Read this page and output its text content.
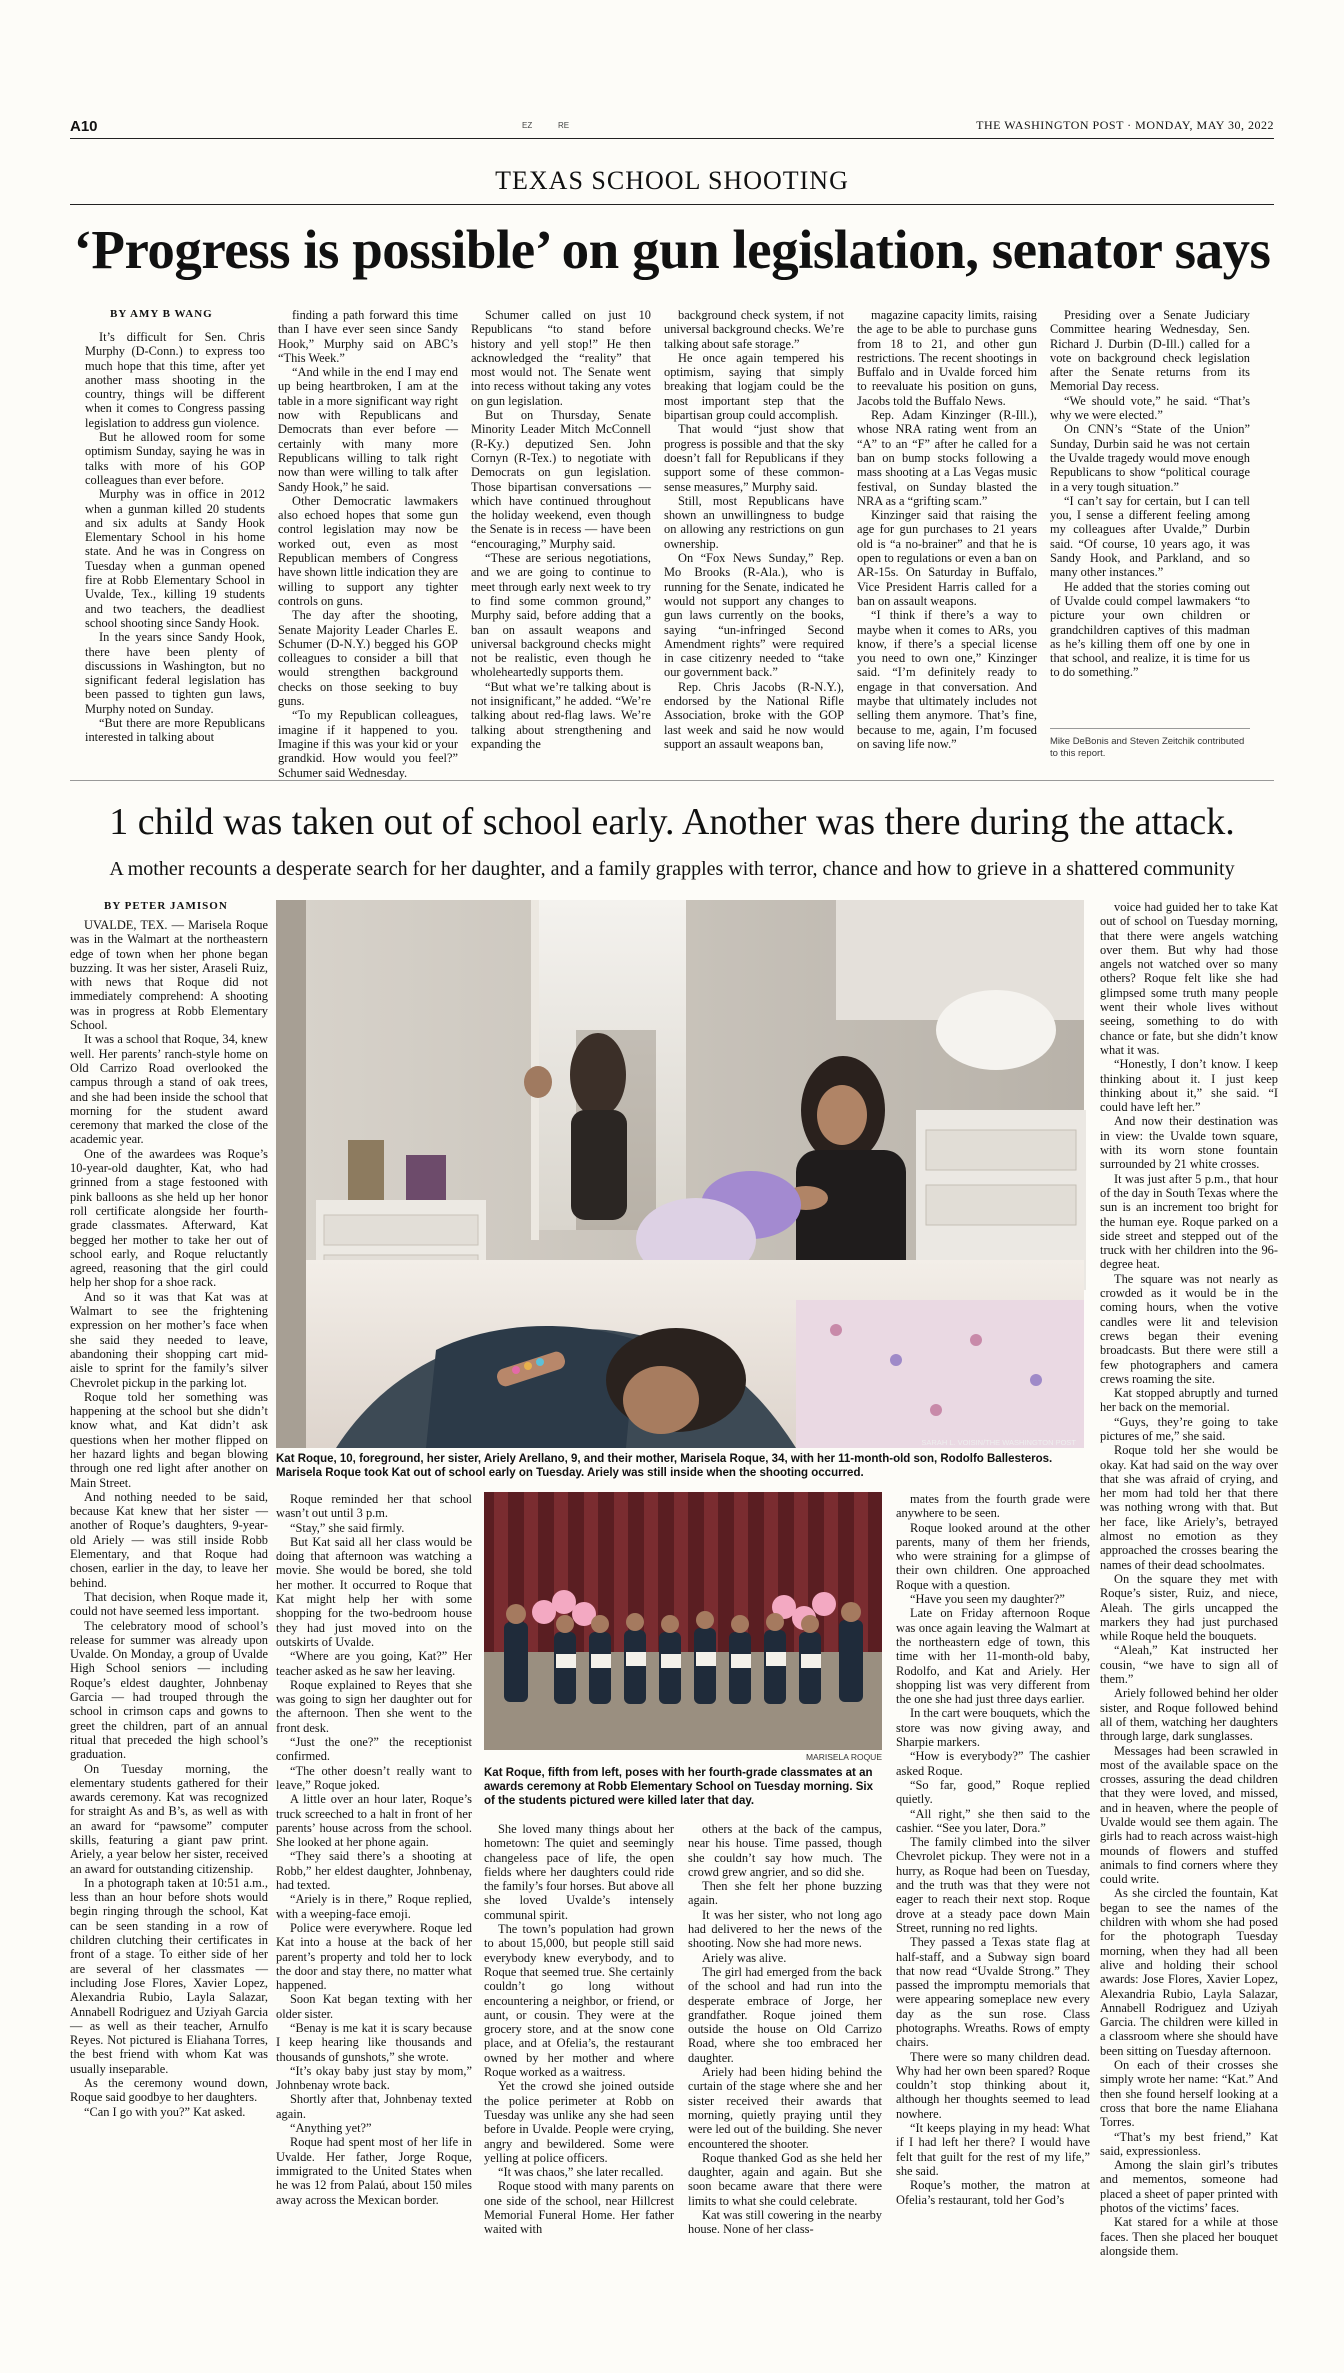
A10	EZ	RE	THE WASHINGTON POST · MONDAY, MAY 30, 2022
TEXAS SCHOOL SHOOTING
‘Progress is possible’ on gun legislation, senator says
BY AMY B WANG

It’s difficult for Sen. Chris Murphy (D-Conn.) to express too much hope that this time, after yet another mass shooting in the country, things will be different when it comes to Congress passing legislation to address gun violence.

But he allowed room for some optimism Sunday, saying he was in talks with more of his GOP colleagues than ever before.

Murphy was in office in 2012 when a gunman killed 20 students and six adults at Sandy Hook Elementary School in his home state. And he was in Congress on Tuesday when a gunman opened fire at Robb Elementary School in Uvalde, Tex., killing 19 students and two teachers, the deadliest school shooting since Sandy Hook.

In the years since Sandy Hook, there have been plenty of discussions in Washington, but no significant federal legislation has been passed to tighten gun laws, Murphy noted on Sunday.

“But there are more Republicans interested in talking about

finding a path forward this time than I have ever seen since Sandy Hook,” Murphy said on ABC’s “This Week.”

“And while in the end I may end up being heartbroken, I am at the table in a more significant way right now with Republicans and Democrats than ever before — certainly with many more Republicans willing to talk right now than were willing to talk after Sandy Hook,” he said.

Other Democratic lawmakers also echoed hopes that some gun control legislation may now be worked out, even as most Republican members of Congress have shown little indication they are willing to support any tighter controls on guns.

The day after the shooting, Senate Majority Leader Charles E. Schumer (D-N.Y.) begged his GOP colleagues to consider a bill that would strengthen background checks on those seeking to buy guns.

“To my Republican colleagues, imagine if it happened to you. Imagine if this was your kid or your grandkid. How would you feel?” Schumer said Wednesday.

Schumer called on just 10 Republicans “to stand before history and yell stop!” He then acknowledged the “reality” that most would not. The Senate went into recess without taking any votes on gun legislation.

But on Thursday, Senate Minority Leader Mitch McConnell (R-Ky.) deputized Sen. John Cornyn (R-Tex.) to negotiate with Democrats on gun legislation. Those bipartisan conversations — which have continued throughout the holiday weekend, even though the Senate is in recess — have been “encouraging,” Murphy said.

“These are serious negotiations, and we are going to continue to meet through early next week to try to find some common ground,” Murphy said, before adding that a ban on assault weapons and universal background checks might not be realistic, even though he wholeheartedly supports them.

“But what we’re talking about is not insignificant,” he added. “We’re talking about red-flag laws. We’re talking about strengthening and expanding the

background check system, if not universal background checks. We’re talking about safe storage.”

He once again tempered his optimism, saying that simply breaking that logjam could be the most important step that the bipartisan group could accomplish.

That would “just show that progress is possible and that the sky doesn’t fall for Republicans if they support some of these common-sense measures,” Murphy said.

Still, most Republicans have shown an unwillingness to budge on allowing any restrictions on gun ownership.

On “Fox News Sunday,” Rep. Mo Brooks (R-Ala.), who is running for the Senate, indicated he would not support any changes to gun laws currently on the books, saying “un-infringed Second Amendment rights” were required in case citizenry needed to “take our government back.”

Rep. Chris Jacobs (R-N.Y.), endorsed by the National Rifle Association, broke with the GOP last week and said he now would support an assault weapons ban,

magazine capacity limits, raising the age to be able to purchase guns from 18 to 21, and other gun restrictions. The recent shootings in Buffalo and in Uvalde forced him to reevaluate his position on guns, Jacobs told the Buffalo News.

Rep. Adam Kinzinger (R-Ill.), whose NRA rating went from an “A” to an “F” after he called for a ban on bump stocks following a mass shooting at a Las Vegas music festival, on Sunday blasted the NRA as a “grifting scam.”

Kinzinger said that raising the age for gun purchases to 21 years old is “a no-brainer” and that he is open to regulations or even a ban on AR-15s. On Saturday in Buffalo, Vice President Harris called for a ban on assault weapons.

“I think if there’s a way to maybe when it comes to ARs, you know, if there’s a special license you need to own one,” Kinzinger said. “I’m definitely ready to engage in that conversation. And maybe that ultimately includes not selling them anymore. That’s fine, because to me, again, I’m focused on saving life now.”

Presiding over a Senate Judiciary Committee hearing Wednesday, Sen. Richard J. Durbin (D-Ill.) called for a vote on background check legislation after the Senate returns from its Memorial Day recess.

“We should vote,” he said. “That’s why we were elected.”

On CNN’s “State of the Union” Sunday, Durbin said he was not certain the Uvalde tragedy would move enough Republicans to show “political courage in a very tough situation.”

“I can’t say for certain, but I can tell you, I sense a different feeling among my colleagues after Uvalde,” Durbin said. “Of course, 10 years ago, it was Sandy Hook, and Parkland, and so many other instances.”

He added that the stories coming out of Uvalde could compel lawmakers “to picture your own children or grandchildren captives of this madman as he’s killing them off one by one in that school, and realize, it is time for us to do something.”

Mike DeBonis and Steven Zeitchik contributed to this report.
1 child was taken out of school early. Another was there during the attack.
A mother recounts a desperate search for her daughter, and a family grapples with terror, chance and how to grieve in a shattered community
BY PETER JAMISON
SARAH L. VOISIN/THE WASHINGTON POST
Kat Roque, 10, foreground, her sister, Ariely Arellano, 9, and their mother, Marisela Roque, 34, with her 11-month-old son, Rodolfo Ballesteros. Marisela Roque took Kat out of school early on Tuesday. Ariely was still inside when the shooting occurred.

UVALDE, TEX. — Marisela Roque was in the Walmart at the northeastern edge of town when her phone began buzzing. It was her sister, Araseli Ruiz, with news that Roque did not immediately comprehend: A shooting was in progress at Robb Elementary School.

It was a school that Roque, 34, knew well. Her parents’ ranch-style home on Old Carrizo Road overlooked the campus through a stand of oak trees, and she had been inside the school that morning for the student award ceremony that marked the close of the academic year.

One of the awardees was Roque’s 10-year-old daughter, Kat, who had grinned from a stage festooned with pink balloons as she held up her honor roll certificate alongside her fourth-grade classmates. Afterward, Kat begged her mother to take her out of school early, and Roque reluctantly agreed, reasoning that the girl could help her shop for a shoe rack.

And so it was that Kat was at Walmart to see the frightening expression on her mother’s face when she said they needed to leave, abandoning their shopping cart mid-aisle to sprint for the family’s silver Chevrolet pickup in the parking lot.

Roque told her something was happening at the school but she didn’t know what, and Kat didn’t ask questions when her mother flipped on her hazard lights and began blowing through one red light after another on Main Street.

And nothing needed to be said, because Kat knew that her sister — another of Roque’s daughters, 9-year-old Ariely — was still inside Robb Elementary, and that Roque had chosen, earlier in the day, to leave her behind.

That decision, when Roque made it, could not have seemed less important.

The celebratory mood of school’s release for summer was already upon Uvalde. On Monday, a group of Uvalde High School seniors — including Roque’s eldest daughter, Johnbenay Garcia — had trouped through the school in crimson caps and gowns to greet the children, part of an annual ritual that preceded the high school’s graduation.

On Tuesday morning, the elementary students gathered for their awards ceremony. Kat was recognized for straight As and B’s, as well as with an award for “pawsome” computer skills, featuring a giant paw print. Ariely, a year below her sister, received an award for outstanding citizenship.

In a photograph taken at 10:51 a.m., less than an hour before shots would begin ringing through the school, Kat can be seen standing in a row of children clutching their certificates in front of a stage. To either side of her are several of her classmates — including Jose Flores, Xavier Lopez, Alexandria Rubio, Layla Salazar, Annabell Rodriguez and Uziyah Garcia — as well as their teacher, Arnulfo Reyes. Not pictured is Eliahana Torres, the best friend with whom Kat was usually inseparable.

As the ceremony wound down, Roque said goodbye to her daughters.

“Can I go with you?” Kat asked.

Roque reminded her that school wasn’t out until 3 p.m.

“Stay,” she said firmly.

But Kat said all her class would be doing that afternoon was watching a movie. She would be bored, she told her mother. It occurred to Roque that Kat might help her with some shopping for the two-bedroom house they had just moved into on the outskirts of Uvalde.

“Where are you going, Kat?” Her teacher asked as he saw her leaving.

Roque explained to Reyes that she was going to sign her daughter out for the afternoon. Then she went to the front desk.

“Just the one?” the receptionist confirmed.

“The other doesn’t really want to leave,” Roque joked.

A little over an hour later, Roque’s truck screeched to a halt in front of her parents’ house across from the school. She looked at her phone again.

“They said there’s a shooting at Robb,” her eldest daughter, Johnbenay, had texted.

“Ariely is in there,” Roque replied, with a weeping-face emoji.

Police were everywhere. Roque led Kat into a house at the back of her parent’s property and told her to lock the door and stay there, no matter what happened.

Soon Kat began texting with her older sister.

“Benay is me kat it is scary because I keep hearing like thousands and thousands of gunshots,” she wrote.

“It’s okay baby just stay by mom,” Johnbenay wrote back.

Shortly after that, Johnbenay texted again.

“Anything yet?”

Roque had spent most of her life in Uvalde. Her father, Jorge Roque, immigrated to the United States when he was 12 from Palaú, about 150 miles away across the Mexican border.

MARISELA ROQUE
Kat Roque, fifth from left, poses with her fourth-grade classmates at an awards ceremony at Robb Elementary School on Tuesday morning. Six of the students pictured were killed later that day.

She loved many things about her hometown: The quiet and seemingly changeless pace of life, the open fields where her daughters could ride the family’s four horses. But above all she loved Uvalde’s intensely communal spirit.

The town’s population had grown to about 15,000, but people still said everybody knew everybody, and to Roque that seemed true. She certainly couldn’t go long without encountering a neighbor, or friend, or aunt, or cousin. They were at the grocery store, and at the snow cone place, and at Ofelia’s, the restaurant owned by her mother and where Roque worked as a waitress.

Yet the crowd she joined outside the police perimeter at Robb on Tuesday was unlike any she had seen before in Uvalde. People were crying, angry and bewildered. Some were yelling at police officers.

“It was chaos,” she later recalled.

Roque stood with many parents on one side of the school, near Hillcrest Memorial Funeral Home. Her father waited with

others at the back of the campus, near his house. Time passed, though she couldn’t say how much. The crowd grew angrier, and so did she.

Then she felt her phone buzzing again.

It was her sister, who not long ago had delivered to her the news of the shooting. Now she had more news.

Ariely was alive.

The girl had emerged from the back of the school and had run into the desperate embrace of Jorge, her grandfather. Roque joined them outside the house on Old Carrizo Road, where she too embraced her daughter.

Ariely had been hiding behind the curtain of the stage where she and her sister received their awards that morning, quietly praying until they were led out of the building. She never encountered the shooter.

Roque thanked God as she held her daughter, again and again. But she soon became aware that there were limits to what she could celebrate.

Kat was still cowering in the nearby house. None of her class-

mates from the fourth grade were anywhere to be seen.

Roque looked around at the other parents, many of them her friends, who were straining for a glimpse of their own children. One approached Roque with a question.

“Have you seen my daughter?”

Late on Friday afternoon Roque was once again leaving the Walmart at the northeastern edge of town, this time with her 11-month-old baby, Rodolfo, and Kat and Ariely. Her shopping list was very different from the one she had just three days earlier.

In the cart were bouquets, which the store was now giving away, and Sharpie markers.

“How is everybody?” The cashier asked Roque.

“So far, good,” Roque replied quietly.

“All right,” she then said to the cashier. “See you later, Dora.”

The family climbed into the silver Chevrolet pickup. They were not in a hurry, as Roque had been on Tuesday, and the truth was that they were not eager to reach their next stop. Roque drove at a steady pace down Main Street, running no red lights.

They passed a Texas state flag at half-staff, and a Subway sign board that now read “Uvalde Strong.” They passed the impromptu memorials that were appearing someplace new every day as the sun rose. Class photographs. Wreaths. Rows of empty chairs.

There were so many children dead. Why had her own been spared? Roque couldn’t stop thinking about it, although her thoughts seemed to lead nowhere.

“It keeps playing in my head: What if I had left her there? I would have felt that guilt for the rest of my life,” she said.

Roque’s mother, the matron at Ofelia’s restaurant, told her God’s

voice had guided her to take Kat out of school on Tuesday morning, that there were angels watching over them. But why had those angels not watched over so many others? Roque felt like she had glimpsed some truth many people went their whole lives without seeing, something to do with chance or fate, but she didn’t know what it was.

“Honestly, I don’t know. I keep thinking about it. I just keep thinking about it,” she said. “I could have left her.”

And now their destination was in view: the Uvalde town square, with its worn stone fountain surrounded by 21 white crosses.

It was just after 5 p.m., that hour of the day in South Texas where the sun is an increment too bright for the human eye. Roque parked on a side street and stepped out of the truck with her children into the 96-degree heat.

The square was not nearly as crowded as it would be in the coming hours, when the votive candles were lit and television crews began their evening broadcasts. But there were still a few photographers and camera crews roaming the site.

Kat stopped abruptly and turned her back on the memorial.

“Guys, they’re going to take pictures of me,” she said.

Roque told her she would be okay. Kat had said on the way over that she was afraid of crying, and her mom had told her that there was nothing wrong with that. But her face, like Ariely’s, betrayed almost no emotion as they approached the crosses bearing the names of their dead schoolmates.

On the square they met with Roque’s sister, Ruiz, and niece, Aleah. The girls uncapped the markers they had just purchased while Roque held the bouquets.

“Aleah,” Kat instructed her cousin, “we have to sign all of them.”

Ariely followed behind her older sister, and Roque followed behind all of them, watching her daughters through large, dark sunglasses.

Messages had been scrawled in most of the available space on the crosses, assuring the dead children that they were loved, and missed, and in heaven, where the people of Uvalde would see them again. The girls had to reach across waist-high mounds of flowers and stuffed animals to find corners where they could write.

As she circled the fountain, Kat began to see the names of the children with whom she had posed for the photograph Tuesday morning, when they had all been alive and holding their school awards: Jose Flores, Xavier Lopez, Alexandria Rubio, Layla Salazar, Annabell Rodriguez and Uziyah Garcia. The children were killed in a classroom where she should have been sitting on Tuesday afternoon.

On each of their crosses she simply wrote her name: “Kat.” And then she found herself looking at a cross that bore the name Eliahana Torres.

“That’s my best friend,” Kat said, expressionless.

Among the slain girl’s tributes and mementos, someone had placed a sheet of paper printed with photos of the victims’ faces.

Kat stared for a while at those faces. Then she placed her bouquet alongside them.
